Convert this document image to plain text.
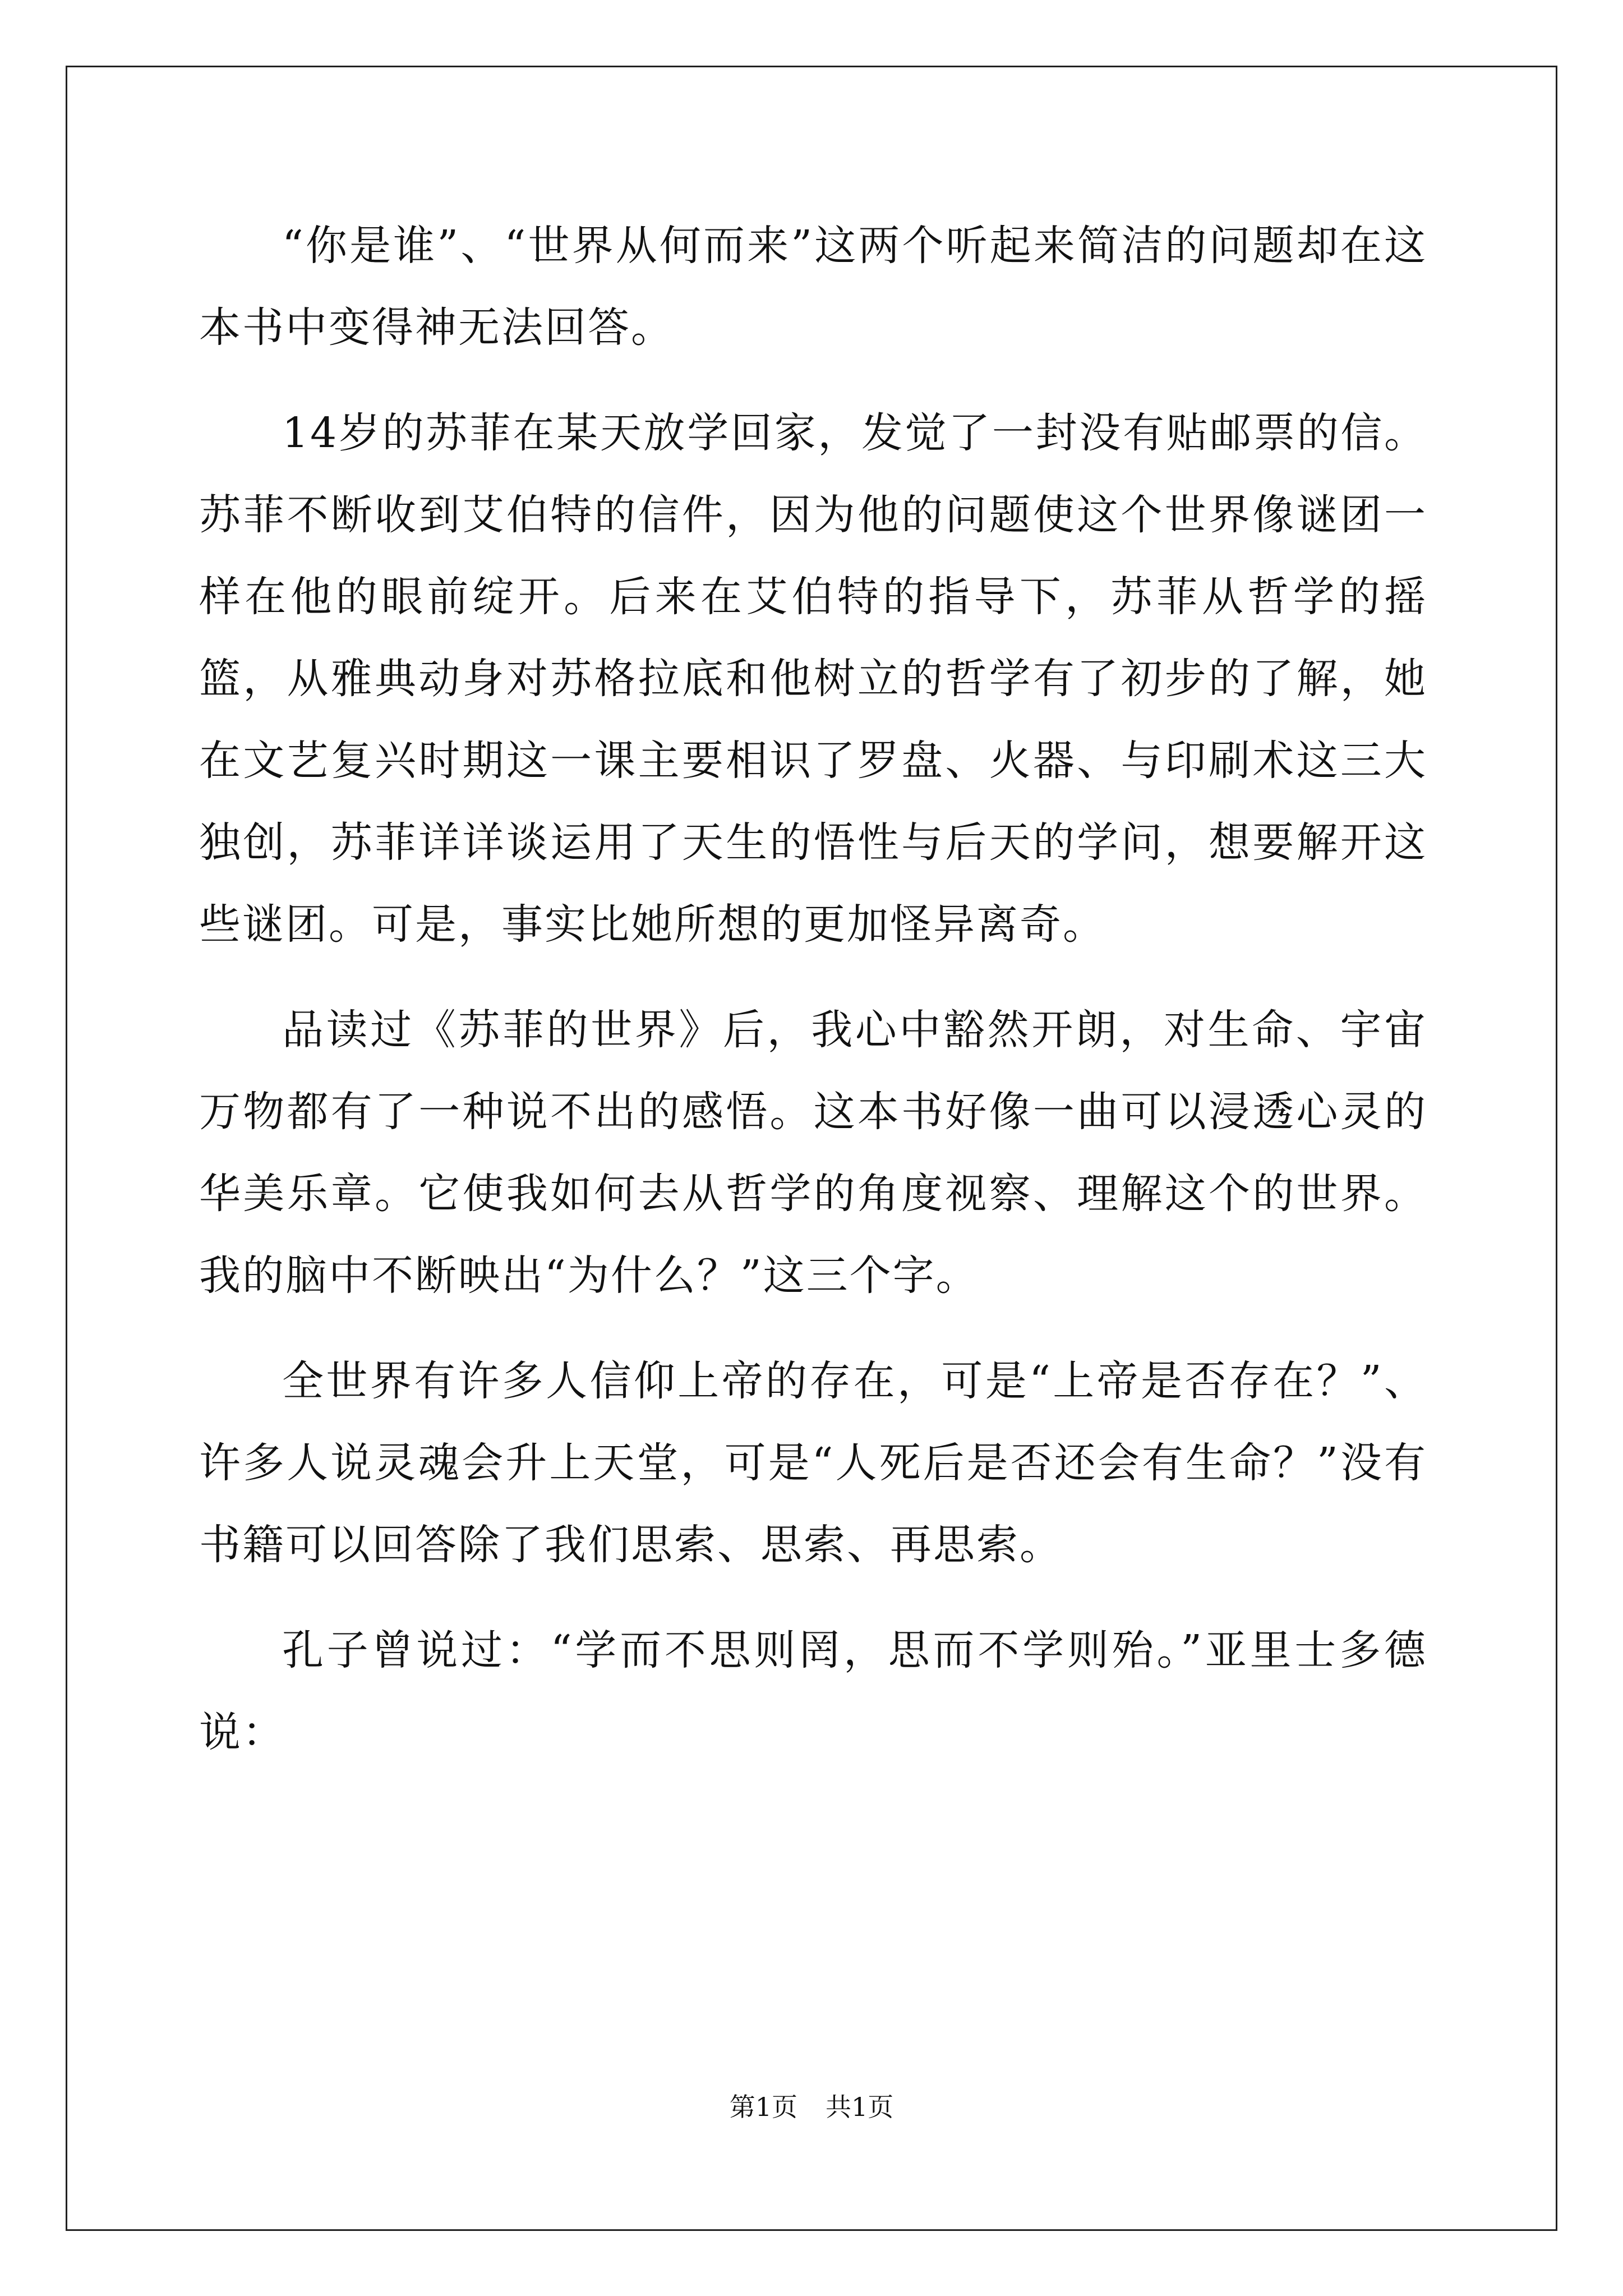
“你是谁”、“世界从何而来”这两个听起来简洁的问题却在这本书中变得神无法回答。

14岁的苏菲在某天放学回家，发觉了一封没有贴邮票的信。苏菲不断收到艾伯特的信件，因为他的问题使这个世界像谜团一样在他的眼前绽开。后来在艾伯特的指导下，苏菲从哲学的摇篮，从雅典动身对苏格拉底和他树立的哲学有了初步的了解，她在文艺复兴时期这一课主要相识了罗盘、火器、与印刷术这三大独创，苏菲详详谈运用了天生的悟性与后天的学问，想要解开这些谜团。可是，事实比她所想的更加怪异离奇。

品读过《苏菲的世界》后，我心中豁然开朗，对生命、宇宙万物都有了一种说不出的感悟。这本书好像一曲可以浸透心灵的华美乐章。它使我如何去从哲学的角度视察、理解这个的世界。我的脑中不断映出“为什么？”这三个字。

全世界有许多人信仰上帝的存在，可是“上帝是否存在？”、许多人说灵魂会升上天堂，可是“人死后是否还会有生命？”没有书籍可以回答除了我们思索、思索、再思索。

孔子曾说过：“学而不思则罔，思而不学则殆。”亚里士多德说：

第1页 共1页
